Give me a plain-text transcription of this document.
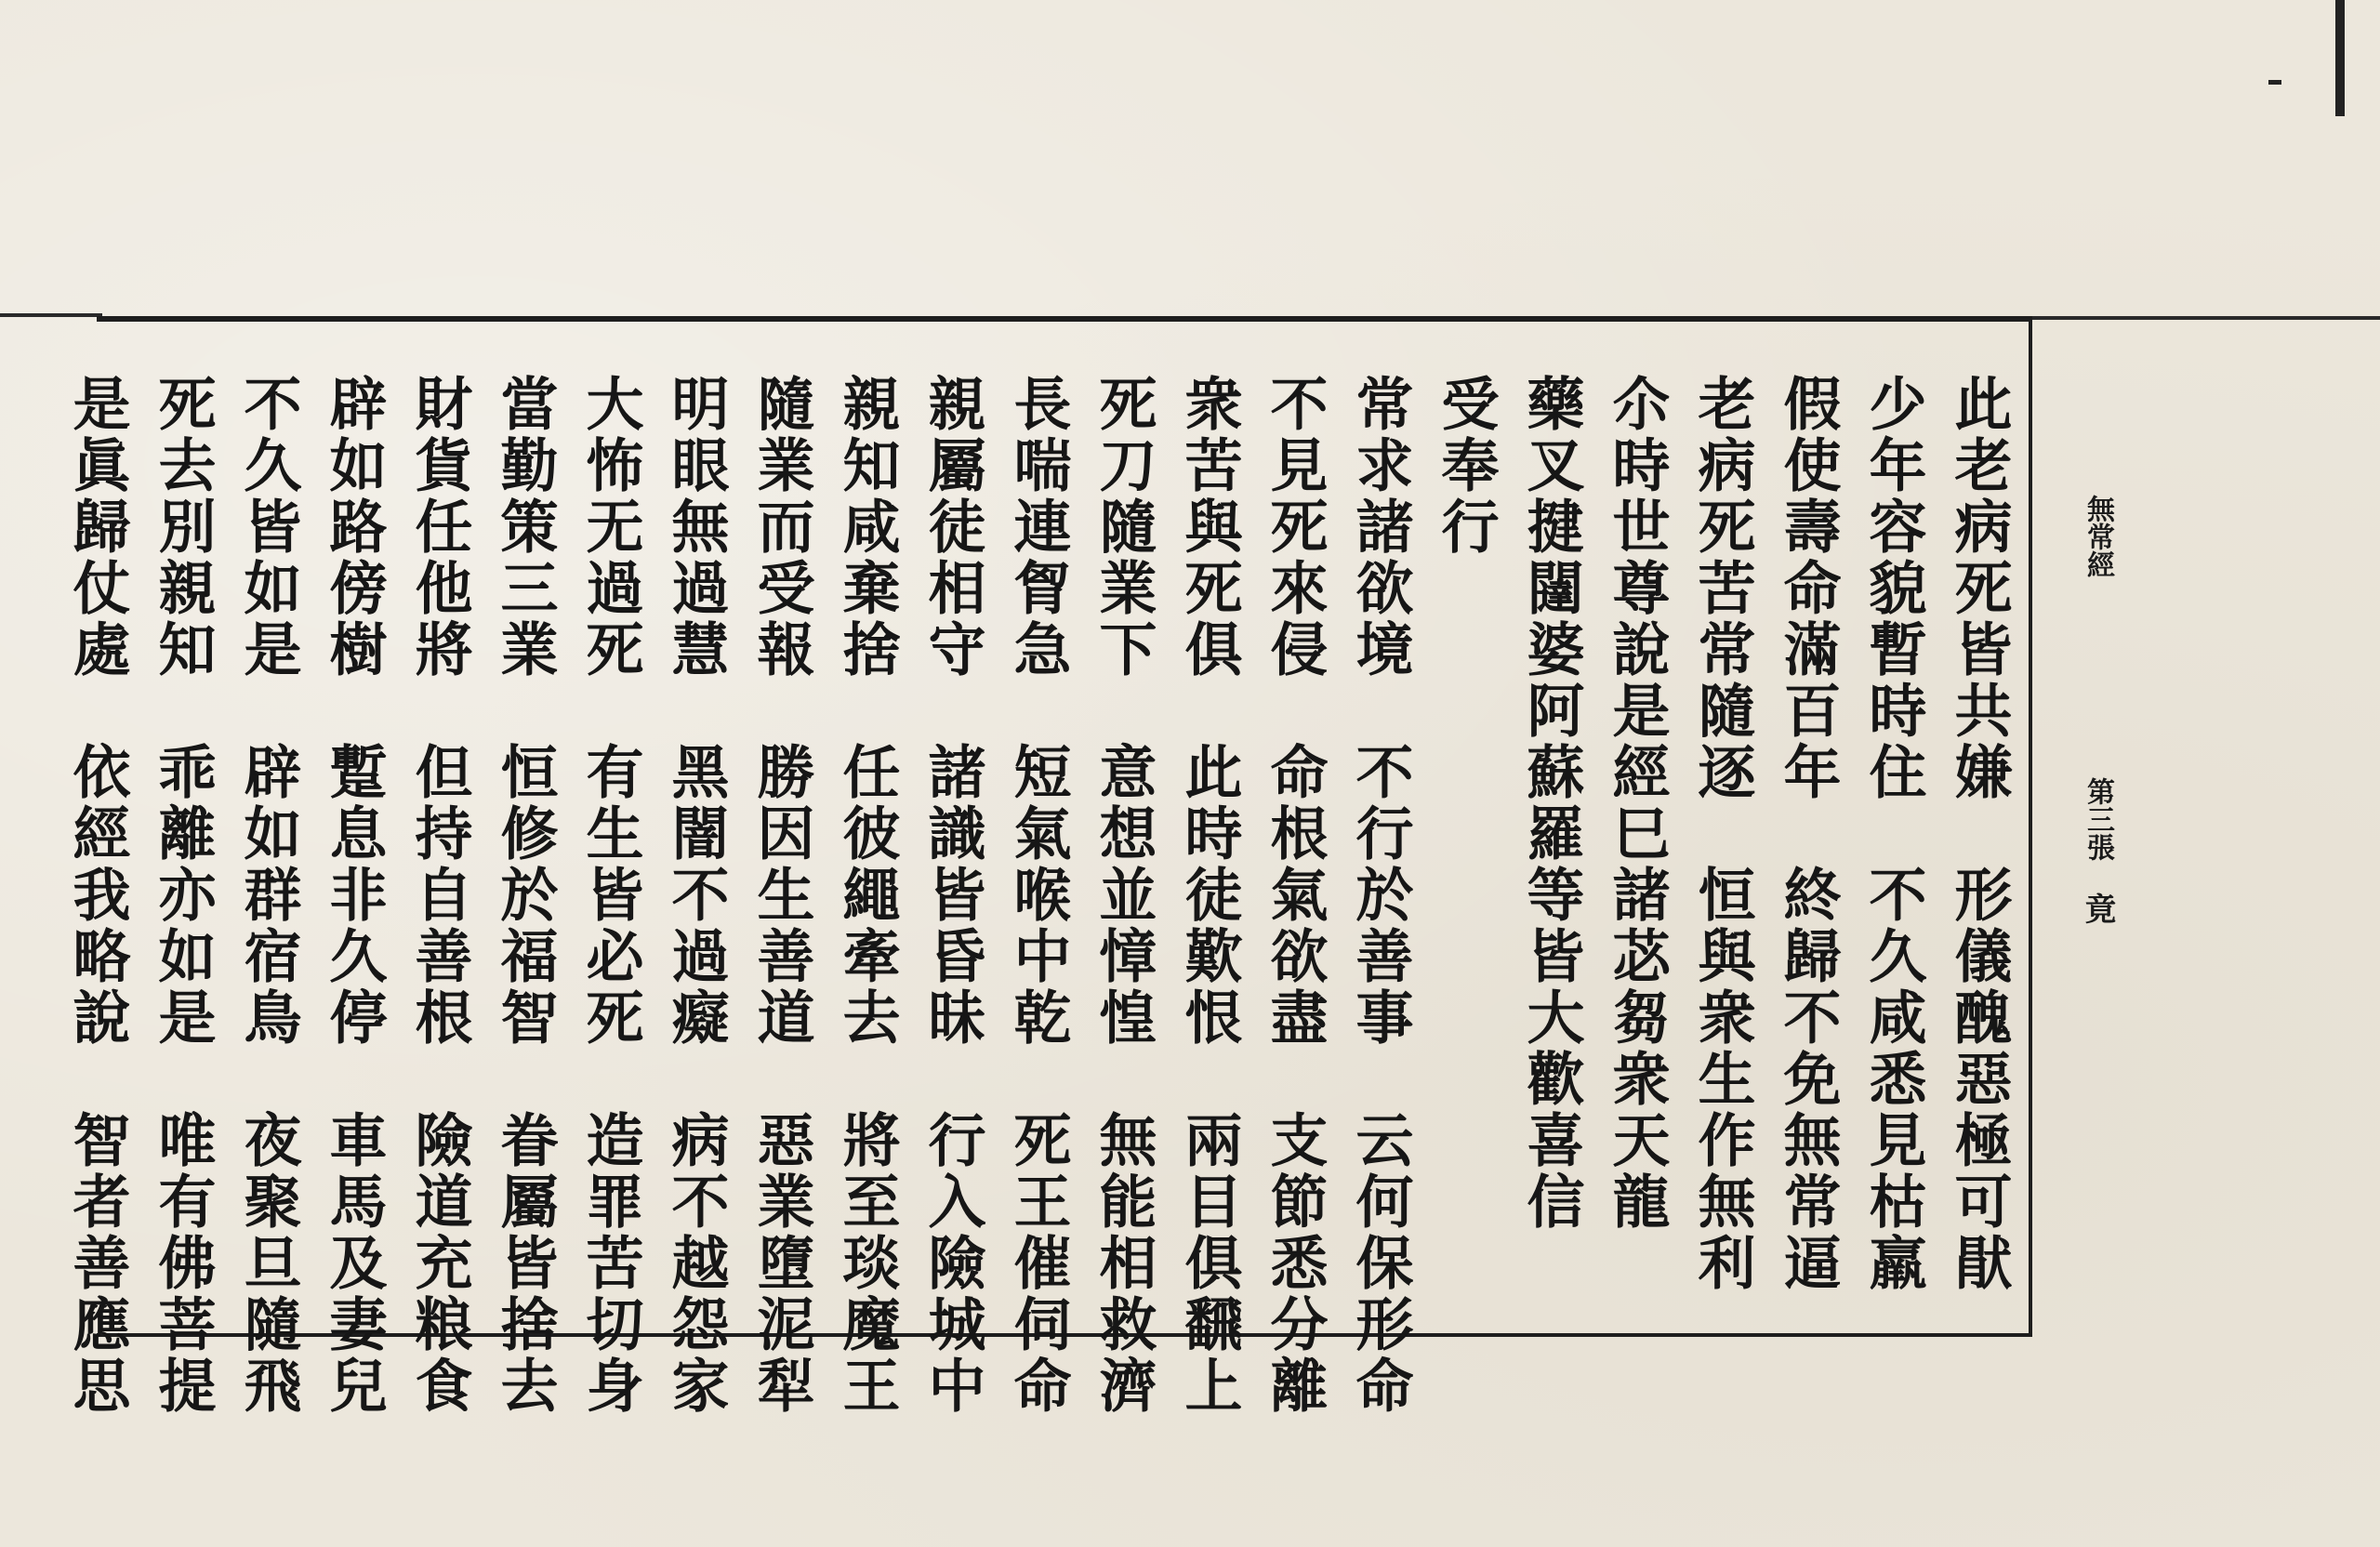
無常經
第三張
竟
此老病死皆共嫌　形儀醜惡極可猒
少年容貌暫時住　不久咸悉見枯羸
假使壽命滿百年　終歸不免無常逼
老病死苦常隨逐　恒與衆生作無利
尒時世尊說是經巳諸苾芻衆天龍
藥叉揵闥婆阿蘇羅等皆大歡喜信
受奉行
常求諸欲境　不行於善事　云何保形命
不見死來侵　命根氣欲盡　支節悉分離
衆苦與死俱　此時徒歎恨　兩目俱飜上
死刀隨業下　意想並慞惶　無能相救濟
長喘連胷急　短氣喉中乾　死王催伺命
親屬徒相守　諸識皆昏昧　行入險城中
親知咸棄捨　任彼繩牽去　將至琰魔王
隨業而受報　勝因生善道　惡業墮泥犁
明眼無過慧　黑闇不過癡　病不越怨家
大怖无過死　有生皆必死　造罪苦切身
當勤策三業　恒修於福智　眷屬皆捨去
財貨任他將　但持自善根　險道充粮食
辟如路傍樹　蹔息非久停　車馬及妻兒
不久皆如是　辟如群宿鳥　夜聚旦隨飛
死去別親知　乖離亦如是　唯有佛菩提
是眞歸仗處　依經我略說　智者善應思
